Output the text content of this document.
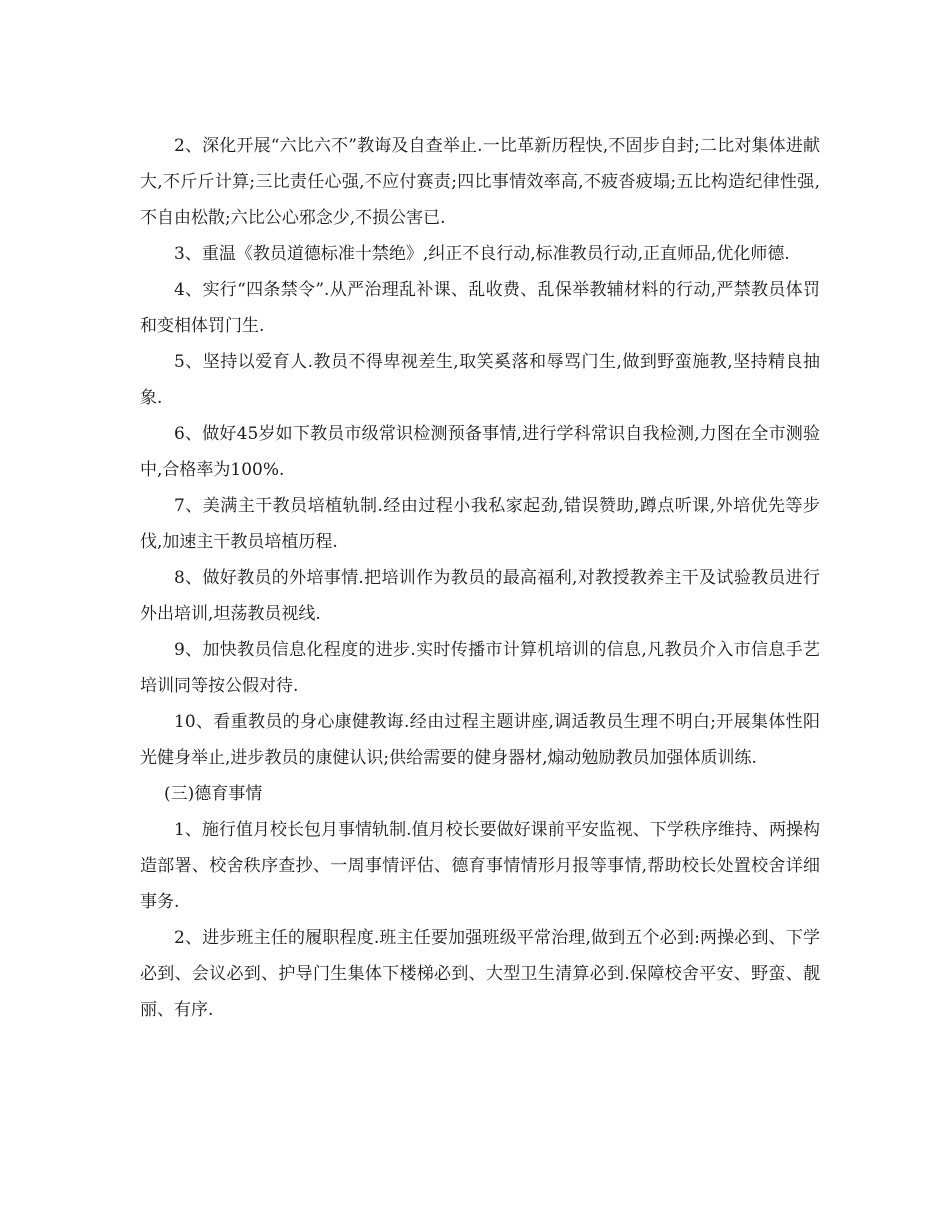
2、深化开展“六比六不”教诲及自查举止.一比革新历程快,不固步自封;二比对集体进献大,不斤斤计算;三比责任心强,不应付赛责;四比事情效率高,不疲沓疲塌;五比构造纪律性强,不自由松散;六比公心邪念少,不损公害已.

3、重温《教员道德标准十禁绝》,纠正不良行动,标准教员行动,正直师品,优化师德.

4、实行“四条禁令”.从严治理乱补课、乱收费、乱保举教辅材料的行动,严禁教员体罚和变相体罚门生.

5、坚持以爱育人.教员不得卑视差生,取笑奚落和辱骂门生,做到野蛮施教,坚持精良抽象.

6、做好45岁如下教员市级常识检测预备事情,进行学科常识自我检测,力图在全市测验中,合格率为100%.

7、美满主干教员培植轨制.经由过程小我私家起劲,错误赞助,蹲点听课,外培优先等步伐,加速主干教员培植历程.

8、做好教员的外培事情.把培训作为教员的最高福利,对教授教养主干及试验教员进行外出培训,坦荡教员视线.

9、加快教员信息化程度的进步.实时传播市计算机培训的信息,凡教员介入市信息手艺培训同等按公假对待.

10、看重教员的身心康健教诲.经由过程主题讲座,调适教员生理不明白;开展集体性阳光健身举止,进步教员的康健认识;供给需要的健身器材,煽动勉励教员加强体质训练.

(三)德育事情

1、施行值月校长包月事情轨制.值月校长要做好课前平安监视、下学秩序维持、两操构造部署、校舍秩序查抄、一周事情评估、德育事情情形月报等事情,帮助校长处置校舍详细事务.

2、进步班主任的履职程度.班主任要加强班级平常治理,做到五个必到:两操必到、下学必到、会议必到、护导门生集体下楼梯必到、大型卫生清算必到.保障校舍平安、野蛮、靓丽、有序.
